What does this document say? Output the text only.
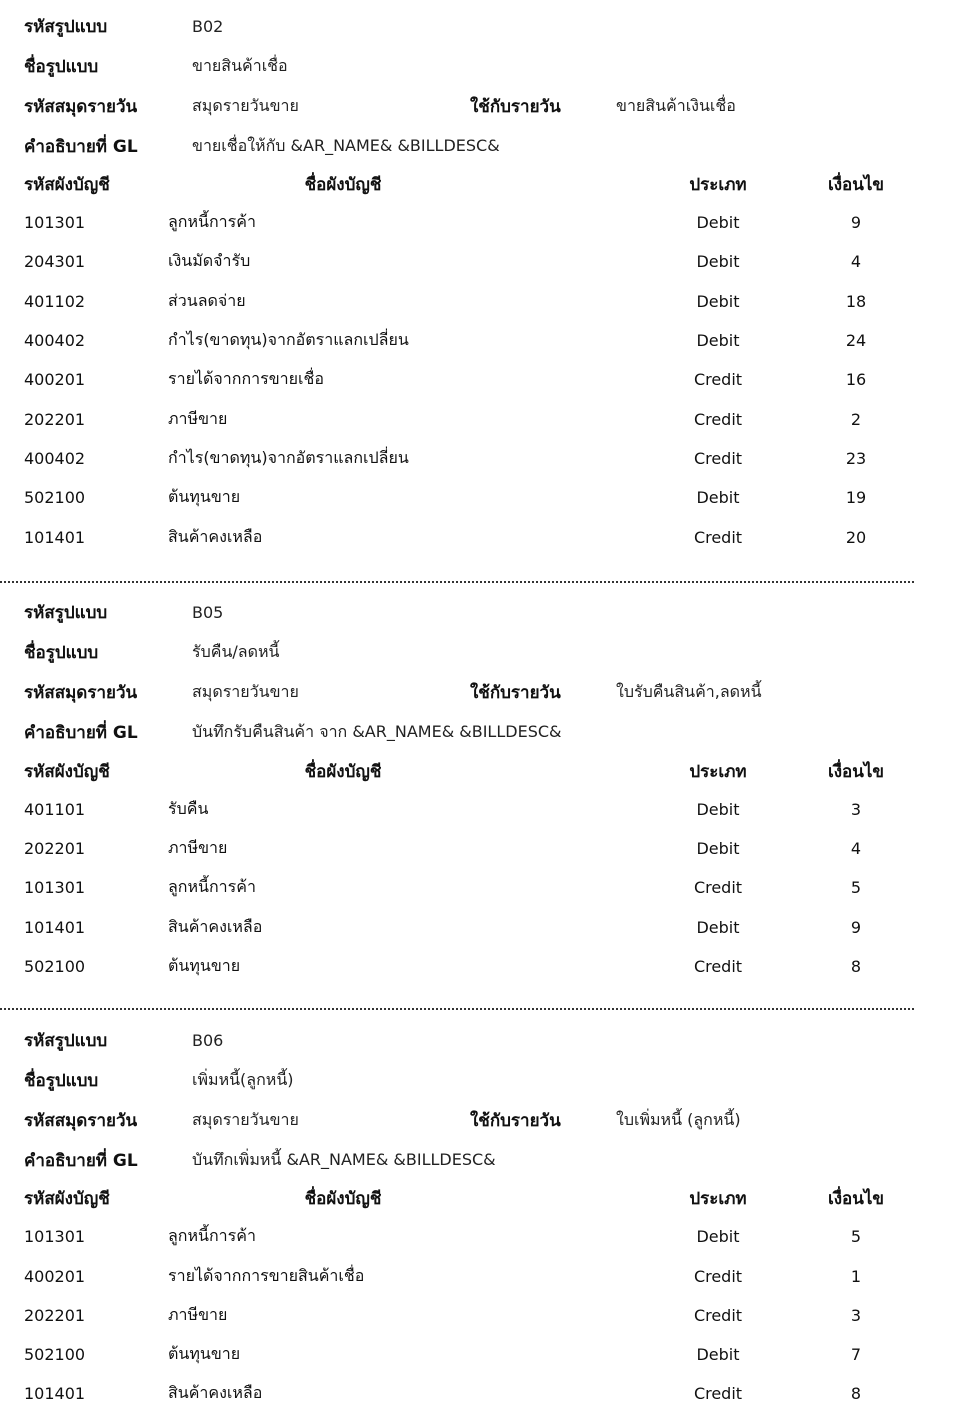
รหัสรูปแบบ	B02
ชื่อรูปแบบ	ขายสินค้าเชื่อ
รหัสสมุดรายวัน	สมุดรายวันขาย	ใช้กับรายวัน	ขายสินค้าเงินเชื่อ
คำอธิบายที่ GL	ขายเชื่อให้กับ &AR_NAME& &BILLDESC&
รหัสผังบัญชี	ชื่อผังบัญชี	ประเภท	เงื่อนไข
101301	ลูกหนี้การค้า	Debit	9
204301	เงินมัดจำรับ	Debit	4
401102	ส่วนลดจ่าย	Debit	18
400402	กำไร(ขาดทุน)จากอัตราแลกเปลี่ยน	Debit	24
400201	รายได้จากการขายเชื่อ	Credit	16
202201	ภาษีขาย	Credit	2
400402	กำไร(ขาดทุน)จากอัตราแลกเปลี่ยน	Credit	23
502100	ต้นทุนขาย	Debit	19
101401	สินค้าคงเหลือ	Credit	20
รหัสรูปแบบ	B05
ชื่อรูปแบบ	รับคืน/ลดหนี้
รหัสสมุดรายวัน	สมุดรายวันขาย	ใช้กับรายวัน	ใบรับคืนสินค้า,ลดหนี้
คำอธิบายที่ GL	บันทึกรับคืนสินค้า จาก &AR_NAME& &BILLDESC&
รหัสผังบัญชี	ชื่อผังบัญชี	ประเภท	เงื่อนไข
401101	รับคืน	Debit	3
202201	ภาษีขาย	Debit	4
101301	ลูกหนี้การค้า	Credit	5
101401	สินค้าคงเหลือ	Debit	9
502100	ต้นทุนขาย	Credit	8
รหัสรูปแบบ	B06
ชื่อรูปแบบ	เพิ่มหนี้(ลูกหนี้)
รหัสสมุดรายวัน	สมุดรายวันขาย	ใช้กับรายวัน	ใบเพิ่มหนี้ (ลูกหนี้)
คำอธิบายที่ GL	บันทึกเพิ่มหนี้ &AR_NAME& &BILLDESC&
รหัสผังบัญชี	ชื่อผังบัญชี	ประเภท	เงื่อนไข
101301	ลูกหนี้การค้า	Debit	5
400201	รายได้จากการขายสินค้าเชื่อ	Credit	1
202201	ภาษีขาย	Credit	3
502100	ต้นทุนขาย	Debit	7
101401	สินค้าคงเหลือ	Credit	8
